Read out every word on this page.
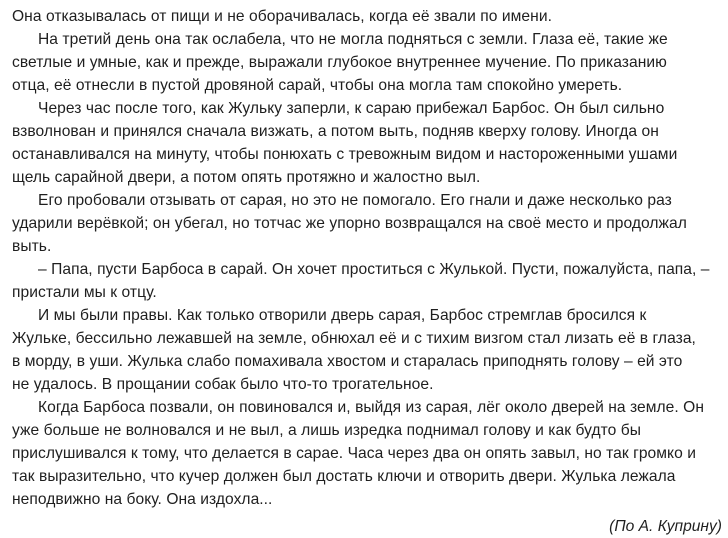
Она отказывалась от пищи и не оборачивалась, когда её звали по имени.
На третий день она так ослабела, что не могла подняться с земли. Глаза её, такие же
светлые и умные, как и прежде, выражали глубокое внутреннее мучение. По приказанию
отца, её отнесли в пустой дровяной сарай, чтобы она могла там спокойно умереть.
Через час после того, как Жульку заперли, к сараю прибежал Барбос. Он был сильно
взволнован и принялся сначала визжать, а потом выть, подняв кверху голову. Иногда он
останавливался на минуту, чтобы понюхать с тревожным видом и настороженными ушами
щель сарайной двери, а потом опять протяжно и жалостно выл.
Его пробовали отзывать от сарая, но это не помогало. Его гнали и даже несколько раз
ударили верёвкой; он убегал, но тотчас же упорно возвращался на своё место и продолжал
выть.
– Папа, пусти Барбоса в сарай. Он хочет проститься с Жулькой. Пусти, пожалуйста, папа, –
пристали мы к отцу.
И мы были правы. Как только отворили дверь сарая, Барбос стремглав бросился к
Жульке, бессильно лежавшей на земле, обнюхал её и с тихим визгом стал лизать её в глаза,
в морду, в уши. Жулька слабо помахивала хвостом и старалась приподнять голову – ей это
не удалось. В прощании собак было что-то трогательное.
Когда Барбоса позвали, он повиновался и, выйдя из сарая, лёг около дверей на земле. Он
уже больше не волновался и не выл, а лишь изредка поднимал голову и как будто бы
прислушивался к тому, что делается в сарае. Часа через два он опять завыл, но так громко и
так выразительно, что кучер должен был достать ключи и отворить двери. Жулька лежала
неподвижно на боку. Она издохла...
(По А. Куприну)
